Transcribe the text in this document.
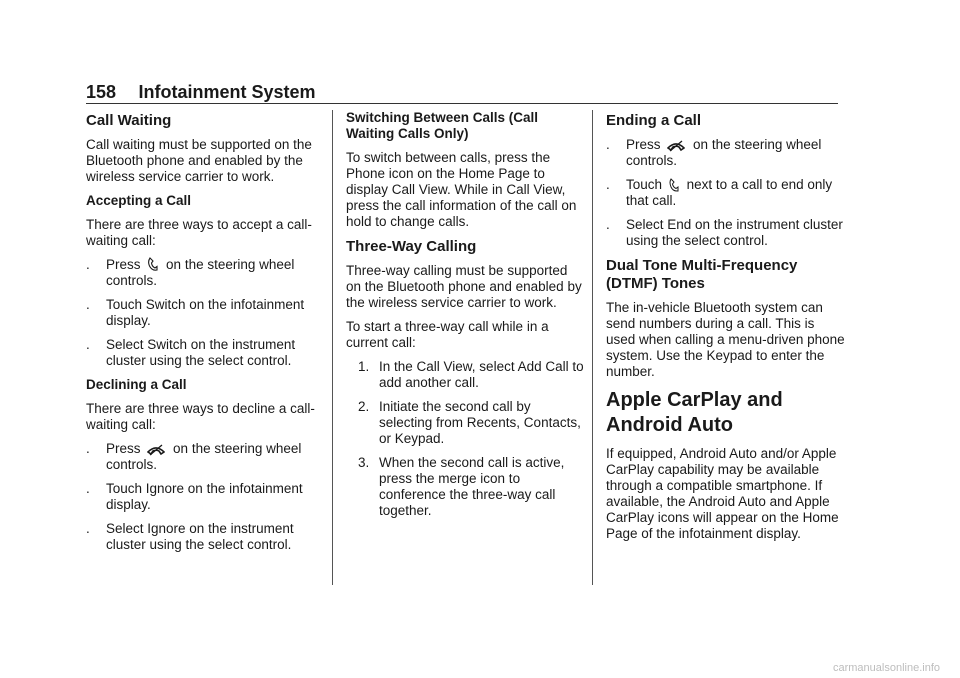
158 Infotainment System
Call Waiting

Call waiting must be supported on the Bluetooth phone and enabled by the wireless service carrier to work.

Accepting a Call

There are three ways to accept a call-waiting call:

.	Press on the steering wheel controls.
.	Touch Switch on the infotainment display.
.	Select Switch on the instrument cluster using the select control.
Declining a Call

There are three ways to decline a call-waiting call:

.	Press on the steering wheel controls.
.	Touch Ignore on the infotainment display.
.	Select Ignore on the instrument cluster using the select control.
Switching Between Calls (Call Waiting Calls Only)

To switch between calls, press the Phone icon on the Home Page to display Call View. While in Call View, press the call information of the call on hold to change calls.

Three-Way Calling

Three-way calling must be supported on the Bluetooth phone and enabled by the wireless service carrier to work.

To start a three-way call while in a current call:

1. In the Call View, select Add Call to add another call.
2. Initiate the second call by selecting from Recents, Contacts, or Keypad.
3. When the second call is active, press the merge icon to conference the three-way call together.
Ending a Call
.	Press on the steering wheel controls.
.	Touch next to a call to end only that call.
.	Select End on the instrument cluster using the select control.
Dual Tone Multi-Frequency (DTMF) Tones

The in-vehicle Bluetooth system can send numbers during a call. This is used when calling a menu-driven phone system. Use the Keypad to enter the number.

Apple CarPlay and Android Auto

If equipped, Android Auto and/or Apple CarPlay capability may be available through a compatible smartphone. If available, the Android Auto and Apple CarPlay icons will appear on the Home Page of the infotainment display.

carmanualsonline.info
